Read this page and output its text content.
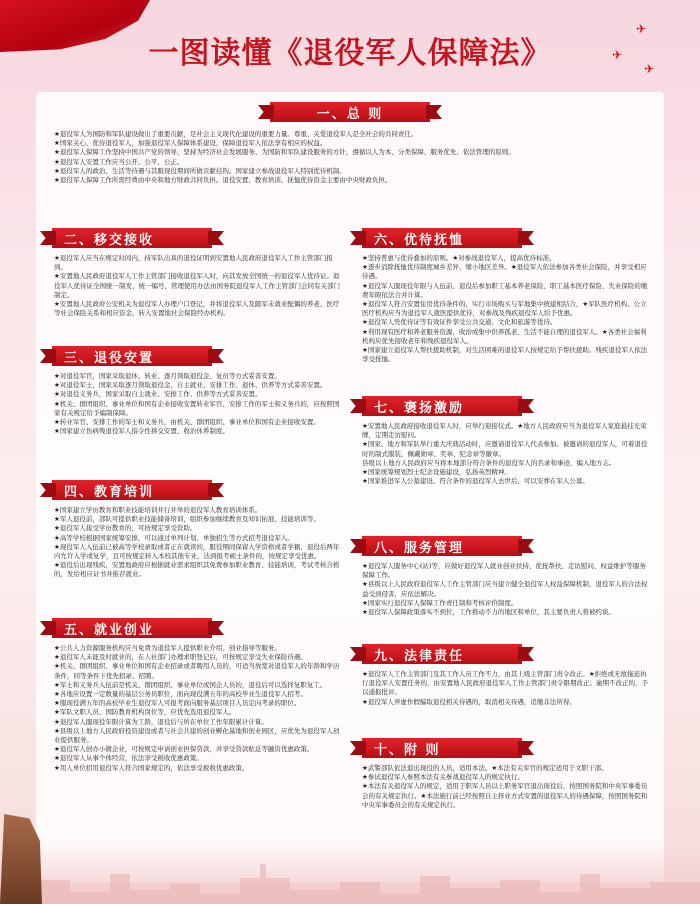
✈
✈
✈
一图读懂《退役军人保障法》
一、总 则

★退役军人为国防和军队建设做出了重要贡献，是社会主义现代化建设的重要力量。尊重、关爱退役军人是全社会的共同责任。

★国家关心、优待退役军人，加强退役军人保障体系建设，保障退役军人依法享有相应的权益。

★退役军人保障工作坚持中国共产党的领导，坚持为经济社会发展服务、为国防和军队建设服务的方针，遵循以人为本、分类保障、服务优先、依法管理的原则。

★退役军人安置工作应当公开、公平、公正。

★退役军人的政治、生活等待遇与其服现役期间所做贡献挂钩。国家建立参战退役军人特别优待机制。

★退役军人保障工作所需经费由中央和地方财政共同负担。退役安置、教育培训、抚恤优待资金主要由中央财政负担。

二、移交接收

★退役军人应当在规定时间内，持军队出具的退役证明到安置地人民政府退役军人工作主管部门报到。

★安置地人民政府退役军人工作主管部门接收退役军人时，向其发放全国统一的退役军人优待证。退役军人优待证全国统一制发、统一编号，管理使用办法由国务院退役军人工作主管部门会同有关部门制定。

★安置地人民政府公安机关为退役军人办理户口登记，并将退役军人及随军未就业配偶的养老、医疗等社会保险关系和相应资金，转入安置地社会保险经办机构。

三、退役安置

★对退役军官，国家采取退休、转业、逐月领取退役金、复员等方式妥善安置。

★对退役军士，国家采取逐月领取退役金、自主就业、安排工作、退休、供养等方式妥善安置。

★对退役义务兵，国家采取自主就业、安排工作、供养等方式妥善安置。

★机关、群团组织、事业单位和国有企业接收安置转业军官、安排工作的军士和义务兵的，应按照国家有关规定给予编制保障。

★转业军官、安排工作的军士和义务兵，由机关、群团组织、事业单位和国有企业接收安置。

★国家建立伤病残退役军人指令性移交安置、收治休养制度。

四、教育培训

★国家建立学历教育和职业技能培训并行并举的退役军人教育培训体系。

★军人退役前，部队可提供职业技能储备培训，组织参加继续教育及知识拓展、技能培训等。

★退役军人接受学历教育的，可按规定享受资助。

★高等学校根据国家统筹安排，可以通过单列计划、单独招生等方式招考退役军人。

★现役军人入伍前已被高等学校录取或者正在就读的，服役期间保留入学资格或者学籍，退役后两年内允许入学或复学，且可按规定转入本校其他专业，达到报考硕士条件的，按规定享受优惠。

★退役后出现残疾，安置地政府应根据就业需求组织其免费参加职业教育、技能培训，考试考核合格的，发给相应证书并推荐就业。

五、就业创业

★公共人力资源服务机构应当免费为退役军人提供职业介绍、创业指导等服务。

★退役军人未能及时就业的，在人社部门办理求职登记后，可按规定享受失业保险待遇。

★机关、群团组织、事业单位和国有企业招录或者聘用人员的，可适当放宽对退役军人的年龄和学历条件，同等条件下优先招录、招聘。

★军士和义务兵入伍前是机关、群团组织、事业单位或国企人员的，退役后可以选择复职复工。

★各地应设置一定数量的基层公务员职位，面向现役满五年的高校毕业生退役军人招考。

★服现役满五年的高校毕业生退役军人可报考面向服务基层项目人员定向考录的职位。

★军队文职人员、国防教育机构岗位等，应优先选用退役军人。

★退役军人服现役年限计算为工龄，退役后与所在单位工作年限累计计算。

★县级以上地方人民政府投资建设或者与社会共建的创业孵化基地和创业园区，应优先为退役军人创业提供服务。

★退役军人创办小微企业，可按规定申请创业担保贷款，并享受贷款贴息等融资优惠政策。

★退役军人从事个体经营，依法享受税收优惠政策。

★用人单位招用退役军人符合国家规定的，依法享受税收优惠政策。

六、优待抚恤

★坚持普惠与优待叠加的原则。★对参战退役军人，提高优待标准。

★逐步消除抚恤优待制度城乡差异、缩小地区差异。★退役军人依法参加各类社会保险，并享受相应待遇。

★退役军人服现役年限与入伍前、退役后参加职工基本养老保险、职工基本医疗保险、失业保险的缴费年限依法合并计算。

★退役军人符合安置住房优待条件的，实行市场购买与军地集中统建相结合，★军队医疗机构、公立医疗机构应当为退役军人就医提供优待，对参战及残疾退役军人给予优惠。

★退役军人凭优待证等有效证件享受公共交通、文化和旅游等优待。

★利用现有医疗和养老服务资源，收治或集中供养孤老、生活不能自理的退役军人。★各类社会福利机构应优先接收老年和残疾退役军人。

★国家建立退役军人帮扶援助机制，对生活困难的退役军人按规定给予帮扶援助。残疾退役军人依法享受抚恤。

七、褒扬激励

★安置地人民政府接收退役军人时，应举行迎接仪式。★地方人民政府应当为退役军人家庭悬挂光荣牌，定期走访慰问。

★国家、地方和军队举行重大庆典活动时，应邀请退役军人代表参加。被邀请的退役军人，可着退役时的制式服装，佩戴勋章、奖章、纪念章等徽章。

县级以上地方人民政府应当将本地部分符合条件的退役军人的名录和事迹，编入地方志。

★国家统筹规划烈士纪念设施建设，弘扬英烈精神。

★国家推进军人公墓建设。符合条件的退役军人去世后，可以安葬在军人公墓。

八、服务管理

★退役军人服务中心(站)等，应做好退役军人就业创业扶持、优抚帮扶、走访慰问、权益维护等服务保障工作。

★县级以上人民政府退役军人工作主管部门应当建立健全退役军人权益保障机制，退役军人的合法权益受到侵害，应依法解决。

★国家实行退役军人保障工作责任制和考核评价制度。

★退役军人保障政策落实不到位，工作推动不力的地区和单位，其主要负责人将被约谈。

九、法律责任

★退役军人工作主管部门及其工作人员工作不力，由其上级主管部门责令改正。★拒绝或无故拖延执行退役军人安置任务的，由安置地人民政府退役军人工作主管部门责令限期改正；逾期不改正的，予以通报批评。

★退役军人弄虚作假骗取退役相关待遇的，取消相关待遇，追缴非法所得。

十、附 则

★武警部队依法退出现役的人员，适用本法。★本法有关军官的规定适用于文职干部。

★参试退役军人参照本法有关参战退役军人的规定执行。

★本法有关退役军人的规定，适用于职军人员以上职务军官退出现役后，按照国务院和中央军事委员会的有关规定执行。★本法施行前已经按照自主择业方式安置的退役军人的待遇保障，按照国务院和中央军事委员会的有关规定执行。
